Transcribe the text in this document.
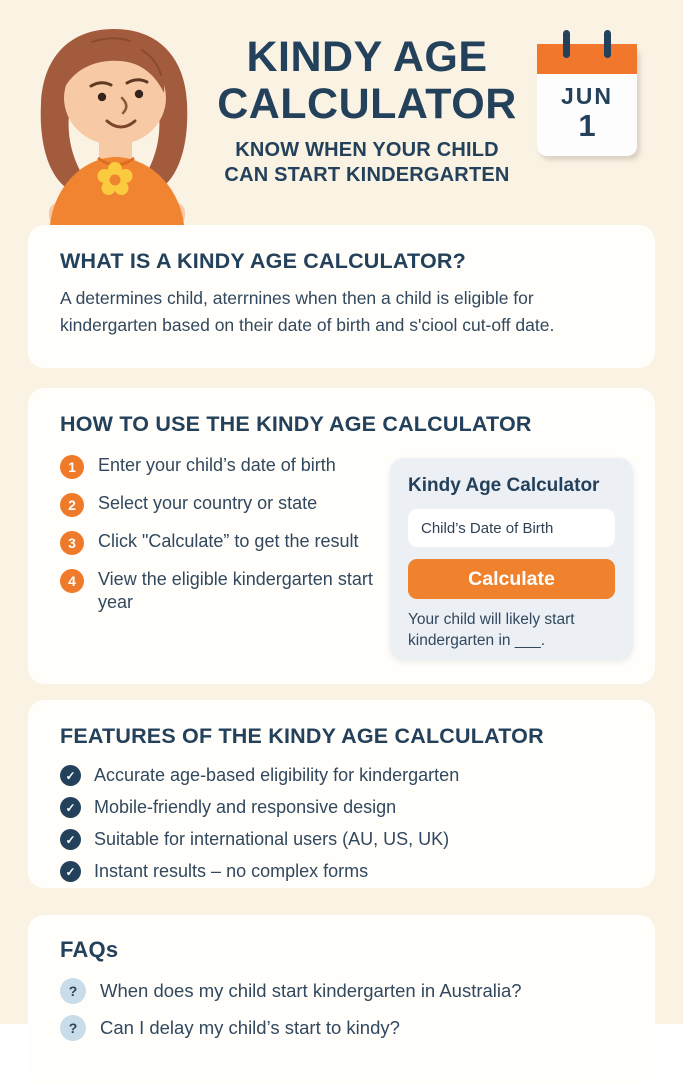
KINDY AGE
CALCULATOR
KNOW WHEN YOUR CHILD
CAN START KINDERGARTEN
JUN
1
WHAT IS A KINDY AGE CALCULATOR?

A determines child, aterrnines when then a child is eligible for kindergarten based on their date of birth and s'ciool cut-off date.

HOW TO USE THE KINDY AGE CALCULATOR
1	Enter your child’s date of birth
2	Select your country or state
3	Click "Calculate” to get the result
4	View the eligible kindergarten start year
Kindy Age Calculator
Child’s Date of Birth Calculate
Your child will likely start kindergarten in ___.
FEATURES OF THE KINDY AGE CALCULATOR
✓	Accurate age-based eligibility for kindergarten
✓	Mobile-friendly and responsive design
✓	Suitable for international users (AU, US, UK)
✓	Instant results – no complex forms
FAQs
?	When does my child start kindergarten in Australia?
?	Can I delay my child’s start to kindy?
